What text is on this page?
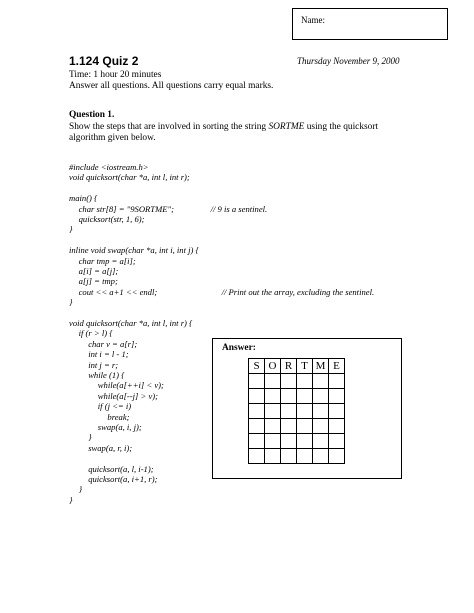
Name:
1.124 Quiz 2	Thursday November 9, 2000
Time: 1 hour 20 minutes
Answer all questions. All questions carry equal marks.
Question 1.
Show the steps that are involved in sorting the string SORTME using the quicksort
algorithm given below.
#include <iostream.h>
void quicksort(char *a, int l, int r);
main() {
char str[8] = "9SORTME";	// 9 is a sentinel.
quicksort(str, 1, 6);
}
inline void swap(char *a, int i, int j) {
char tmp = a[i];
a[i] = a[j];
a[j] = tmp;
cout << a+1 << endl;	// Print out the array, excluding the sentinel.
}
void quicksort(char *a, int l, int r) {
if (r > l) {
char v = a[r];
int i = l - 1;
int j = r;
while (1) {
while(a[++i] < v);
while(a[--j] > v);
if (j <= i)
break;
swap(a, i, j);
}
swap(a, r, i);
quicksort(a, l, i-1);
quicksort(a, i+1, r);
}
}
Answer:
S	O	R	T	M	E
